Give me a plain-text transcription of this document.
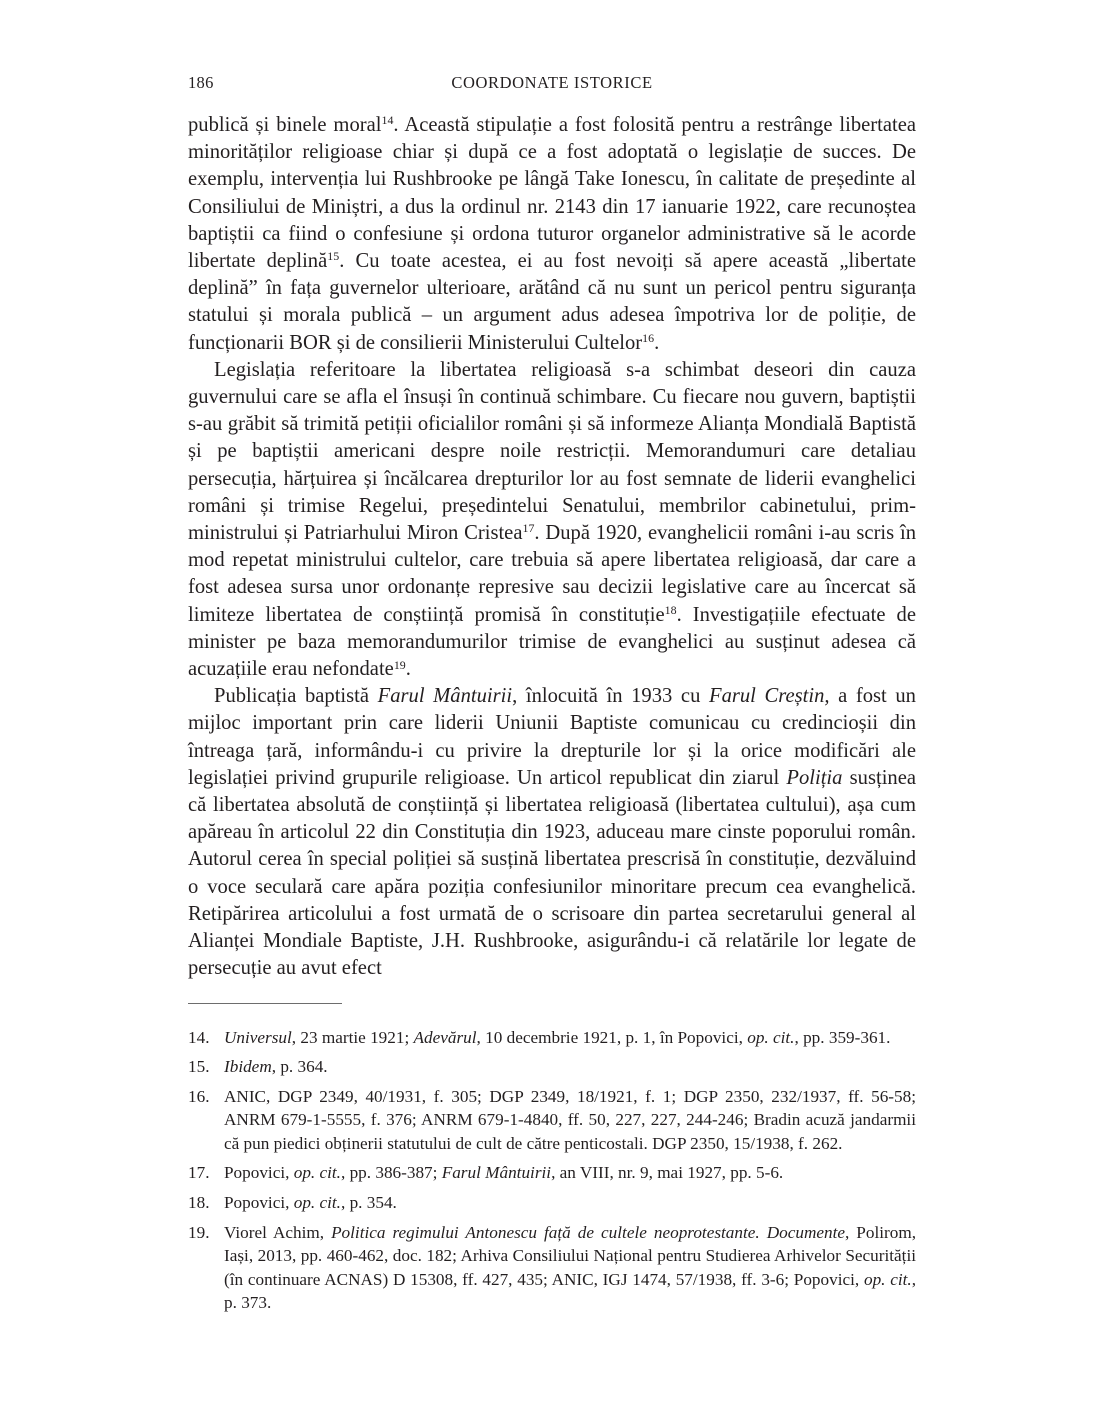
186	COORDONATE ISTORICE

publică și binele moral$^{14}$. Această stipulație a fost folosită pentru a restrânge libertatea minorităților religioase chiar și după ce a fost adoptată o legislație de succes. De exemplu, intervenția lui Rushbrooke pe lângă Take Ionescu, în calitate de președinte al Consiliului de Miniștri, a dus la ordinul nr. 2143 din 17 ianuarie 1922, care recunoștea baptiștii ca fiind o confesiune și ordona tuturor organelor administrative să le acorde libertate deplină$^{15}$. Cu toate acestea, ei au fost nevoiți să apere această „libertate deplină” în fața guvernelor ulterioare, arătând că nu sunt un pericol pentru siguranța statului și morala publică – un argument adus adesea împotriva lor de poliție, de funcționarii BOR și de consilierii Ministerului Cultelor$^{16}$.

Legislația referitoare la libertatea religioasă s-a schimbat deseori din cauza guvernului care se afla el însuși în continuă schimbare. Cu fiecare nou guvern, baptiștii s-au grăbit să trimită petiții oficialilor români și să informeze Alianța Mondială Baptistă și pe baptiștii americani despre noile restricții. Memorandumuri care detaliau persecuția, hărțuirea și încălcarea drepturilor lor au fost semnate de liderii evanghelici români și trimise Regelui, președintelui Senatului, membrilor cabinetului, prim-ministrului și Patriarhului Miron Cristea$^{17}$. După 1920, evanghelicii români i-au scris în mod repetat ministrului cultelor, care trebuia să apere libertatea religioasă, dar care a fost adesea sursa unor ordonanțe represive sau decizii legislative care au încercat să limiteze libertatea de conștiință promisă în constituție$^{18}$. Investigațiile efectuate de minister pe baza memorandumurilor trimise de evanghelici au susținut adesea că acuzațiile erau nefondate$^{19}$.

Publicația baptistă Farul Mântuirii, înlocuită în 1933 cu Farul Creștin, a fost un mijloc important prin care liderii Uniunii Baptiste comunicau cu credincioșii din întreaga țară, informându-i cu privire la drepturile lor și la orice modificări ale legislației privind grupurile religioase. Un articol republicat din ziarul Poliția susținea că libertatea absolută de conștiință și libertatea religioasă (libertatea cultului), așa cum apăreau în articolul 22 din Constituția din 1923, aduceau mare cinste poporului român. Autorul cerea în special poliției să susțină libertatea prescrisă în constituție, dezvăluind o voce seculară care apăra poziția confesiunilor minoritare precum cea evanghelică. Retipărirea articolului a fost urmată de o scrisoare din partea secretarului general al Alianței Mondiale Baptiste, J.H. Rushbrooke, asigurându-i că relatările lor legate de persecuție au avut efect

14. Universul, 23 martie 1921; Adevărul, 10 decembrie 1921, p. 1, în Popovici, op. cit., pp. 359-361.
15. Ibidem, p. 364.
16. ANIC, DGP 2349, 40/1931, f. 305; DGP 2349, 18/1921, f. 1; DGP 2350, 232/1937, ff. 56-58; ANRM 679-1-5555, f. 376; ANRM 679-1-4840, ff. 50, 227, 227, 244-246; Bradin acuză jandarmii că pun piedici obținerii statutului de cult de către penticostali. DGP 2350, 15/1938, f. 262.
17. Popovici, op. cit., pp. 386-387; Farul Mântuirii, an VIII, nr. 9, mai 1927, pp. 5-6.
18. Popovici, op. cit., p. 354.
19. Viorel Achim, Politica regimului Antonescu față de cultele neoprotestante. Documente, Polirom, Iași, 2013, pp. 460-462, doc. 182; Arhiva Consiliului Național pentru Studierea Arhivelor Securității (în continuare ACNAS) D 15308, ff. 427, 435; ANIC, IGJ 1474, 57/1938, ff. 3-6; Popovici, op. cit., p. 373.
